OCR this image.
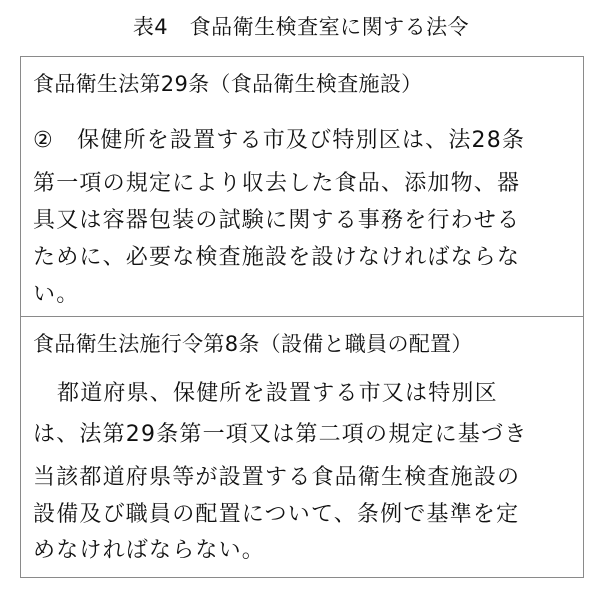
表4　食品衛生検査室に関する法令
食品衛生法第29条（食品衛生検査施設）
②　保健所を設置する市及び特別区は、法28条
第一項の規定により収去した食品、添加物、器
具又は容器包装の試験に関する事務を行わせる
ために、必要な検査施設を設けなければならな
い。
食品衛生法施行令第8条（設備と職員の配置）
都道府県、保健所を設置する市又は特別区
は、法第29条第一項又は第二項の規定に基づき
当該都道府県等が設置する食品衛生検査施設の
設備及び職員の配置について、条例で基準を定
めなければならない。
